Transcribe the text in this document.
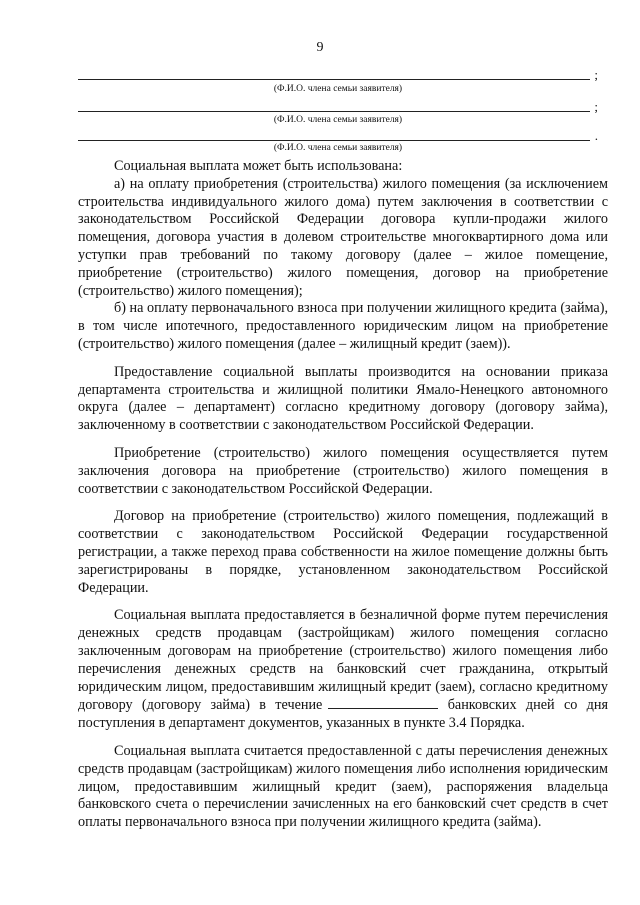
9
;
(Ф.И.О. члена семьи заявителя)
;
(Ф.И.О. члена семьи заявителя)
.
(Ф.И.О. члена семьи заявителя)

Социальная выплата может быть использована:

а) на оплату приобретения (строительства) жилого помещения (за исключением строительства индивидуального жилого дома) путем заключения в соответствии с законодательством Российской Федерации договора купли-продажи жилого помещения, договора участия в долевом строительстве многоквартирного дома или уступки прав требований по такому договору (далее – жилое помещение, приобретение (строительство) жилого помещения, договор на приобретение (строительство) жилого помещения);

б) на оплату первоначального взноса при получении жилищного кредита (займа), в том числе ипотечного, предоставленного юридическим лицом на приобретение (строительство) жилого помещения (далее – жилищный кредит (заем)).

Предоставление социальной выплаты производится на основании приказа департамента строительства и жилищной политики Ямало-Ненецкого автономного округа (далее – департамент) согласно кредитному договору (договору займа), заключенному в соответствии с законодательством Российской Федерации.

Приобретение (строительство) жилого помещения осуществляется путем заключения договора на приобретение (строительство) жилого помещения в соответствии с законодательством Российской Федерации.

Договор на приобретение (строительство) жилого помещения, подлежащий в соответствии с законодательством Российской Федерации государственной регистрации, а также переход права собственности на жилое помещение должны быть зарегистрированы в порядке, установленном законодательством Российской Федерации.

Социальная выплата предоставляется в безналичной форме путем перечисления денежных средств продавцам (застройщикам) жилого помещения согласно заключенным договорам на приобретение (строительство) жилого помещения либо перечисления денежных средств на банковский счет гражданина, открытый юридическим лицом, предоставившим жилищный кредит (заем), согласно кредитному договору (договору займа) в течение	банковских дней со дня поступления в департамент документов, указанных в пункте 3.4 Порядка.

Социальная выплата считается предоставленной с даты перечисления денежных средств продавцам (застройщикам) жилого помещения либо исполнения юридическим лицом, предоставившим жилищный кредит (заем), распоряжения владельца банковского счета о перечислении зачисленных на его банковский счет средств в счет оплаты первоначального взноса при получении жилищного кредита (займа).
